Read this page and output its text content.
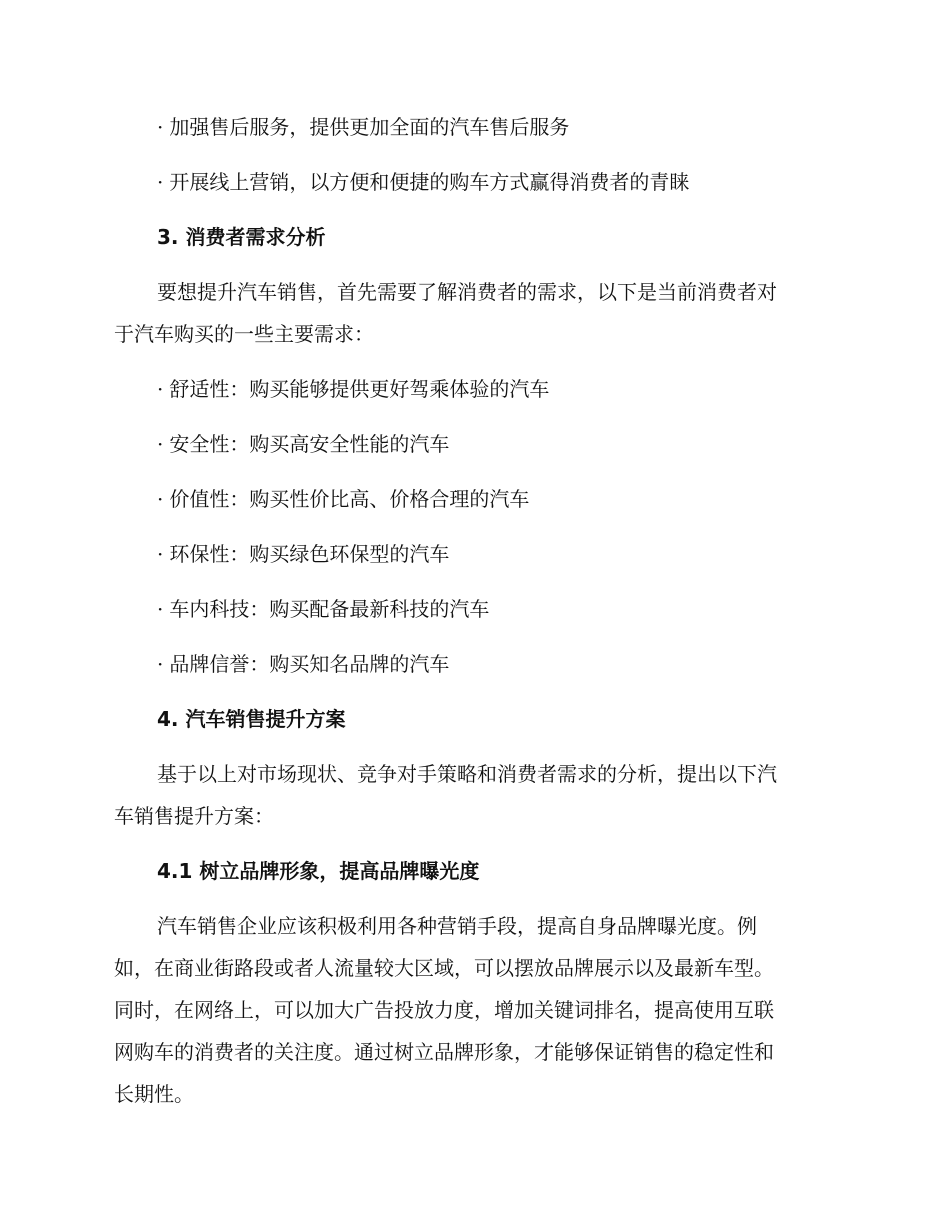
· 加强售后服务，提供更加全面的汽车售后服务
· 开展线上营销，以方便和便捷的购车方式赢得消费者的青睐
3. 消费者需求分析
要想提升汽车销售，首先需要了解消费者的需求，以下是当前消费者对
于汽车购买的一些主要需求：
· 舒适性：购买能够提供更好驾乘体验的汽车
· 安全性：购买高安全性能的汽车
· 价值性：购买性价比高、价格合理的汽车
· 环保性：购买绿色环保型的汽车
· 车内科技：购买配备最新科技的汽车
· 品牌信誉：购买知名品牌的汽车
4. 汽车销售提升方案
基于以上对市场现状、竞争对手策略和消费者需求的分析，提出以下汽
车销售提升方案：
4.1 树立品牌形象，提高品牌曝光度
汽车销售企业应该积极利用各种营销手段，提高自身品牌曝光度。例
如，在商业街路段或者人流量较大区域，可以摆放品牌展示以及最新车型。
同时，在网络上，可以加大广告投放力度，增加关键词排名，提高使用互联
网购车的消费者的关注度。通过树立品牌形象，才能够保证销售的稳定性和
长期性。
